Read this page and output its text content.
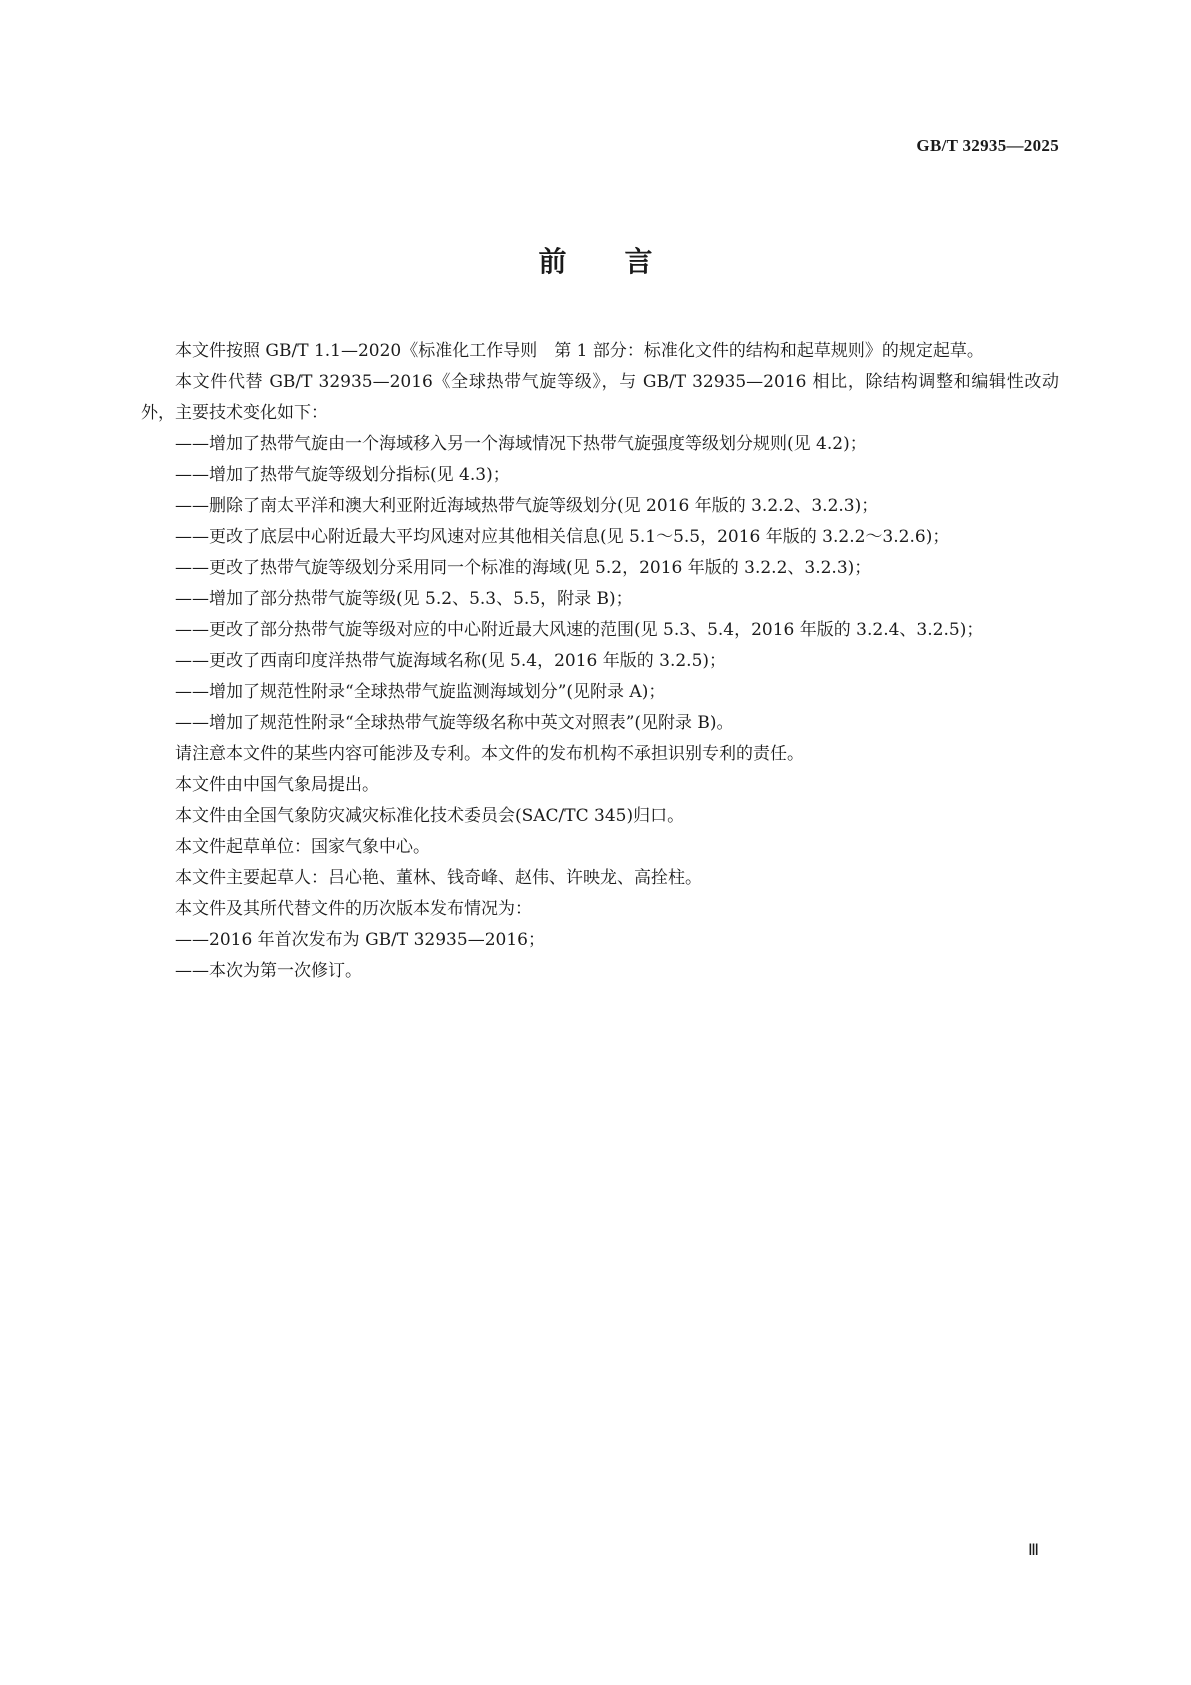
GB/T 32935—2025

前言

本文件按照 GB/T 1.1—2020《标准化工作导则　第 1 部分：标准化文件的结构和起草规则》的规定起草。

本文件代替 GB/T 32935—2016《全球热带气旋等级》，与 GB/T 32935—2016 相比，除结构调整和编辑性改动外，主要技术变化如下：

——增加了热带气旋由一个海域移入另一个海域情况下热带气旋强度等级划分规则(见 4.2)；

——增加了热带气旋等级划分指标(见 4.3)；

——删除了南太平洋和澳大利亚附近海域热带气旋等级划分(见 2016 年版的 3.2.2、3.2.3)；

——更改了底层中心附近最大平均风速对应其他相关信息(见 5.1～5.5，2016 年版的 3.2.2～3.2.6)；

——更改了热带气旋等级划分采用同一个标准的海域(见 5.2，2016 年版的 3.2.2、3.2.3)；

——增加了部分热带气旋等级(见 5.2、5.3、5.5，附录 B)；

——更改了部分热带气旋等级对应的中心附近最大风速的范围(见 5.3、5.4，2016 年版的 3.2.4、3.2.5)；

——更改了西南印度洋热带气旋海域名称(见 5.4，2016 年版的 3.2.5)；

——增加了规范性附录“全球热带气旋监测海域划分”(见附录 A)；

——增加了规范性附录“全球热带气旋等级名称中英文对照表”(见附录 B)。

请注意本文件的某些内容可能涉及专利。本文件的发布机构不承担识别专利的责任。

本文件由中国气象局提出。

本文件由全国气象防灾减灾标准化技术委员会(SAC/TC 345)归口。

本文件起草单位：国家气象中心。

本文件主要起草人：吕心艳、董林、钱奇峰、赵伟、许映龙、高拴柱。

本文件及其所代替文件的历次版本发布情况为：

——2016 年首次发布为 GB/T 32935—2016；

——本次为第一次修订。

Ⅲ
